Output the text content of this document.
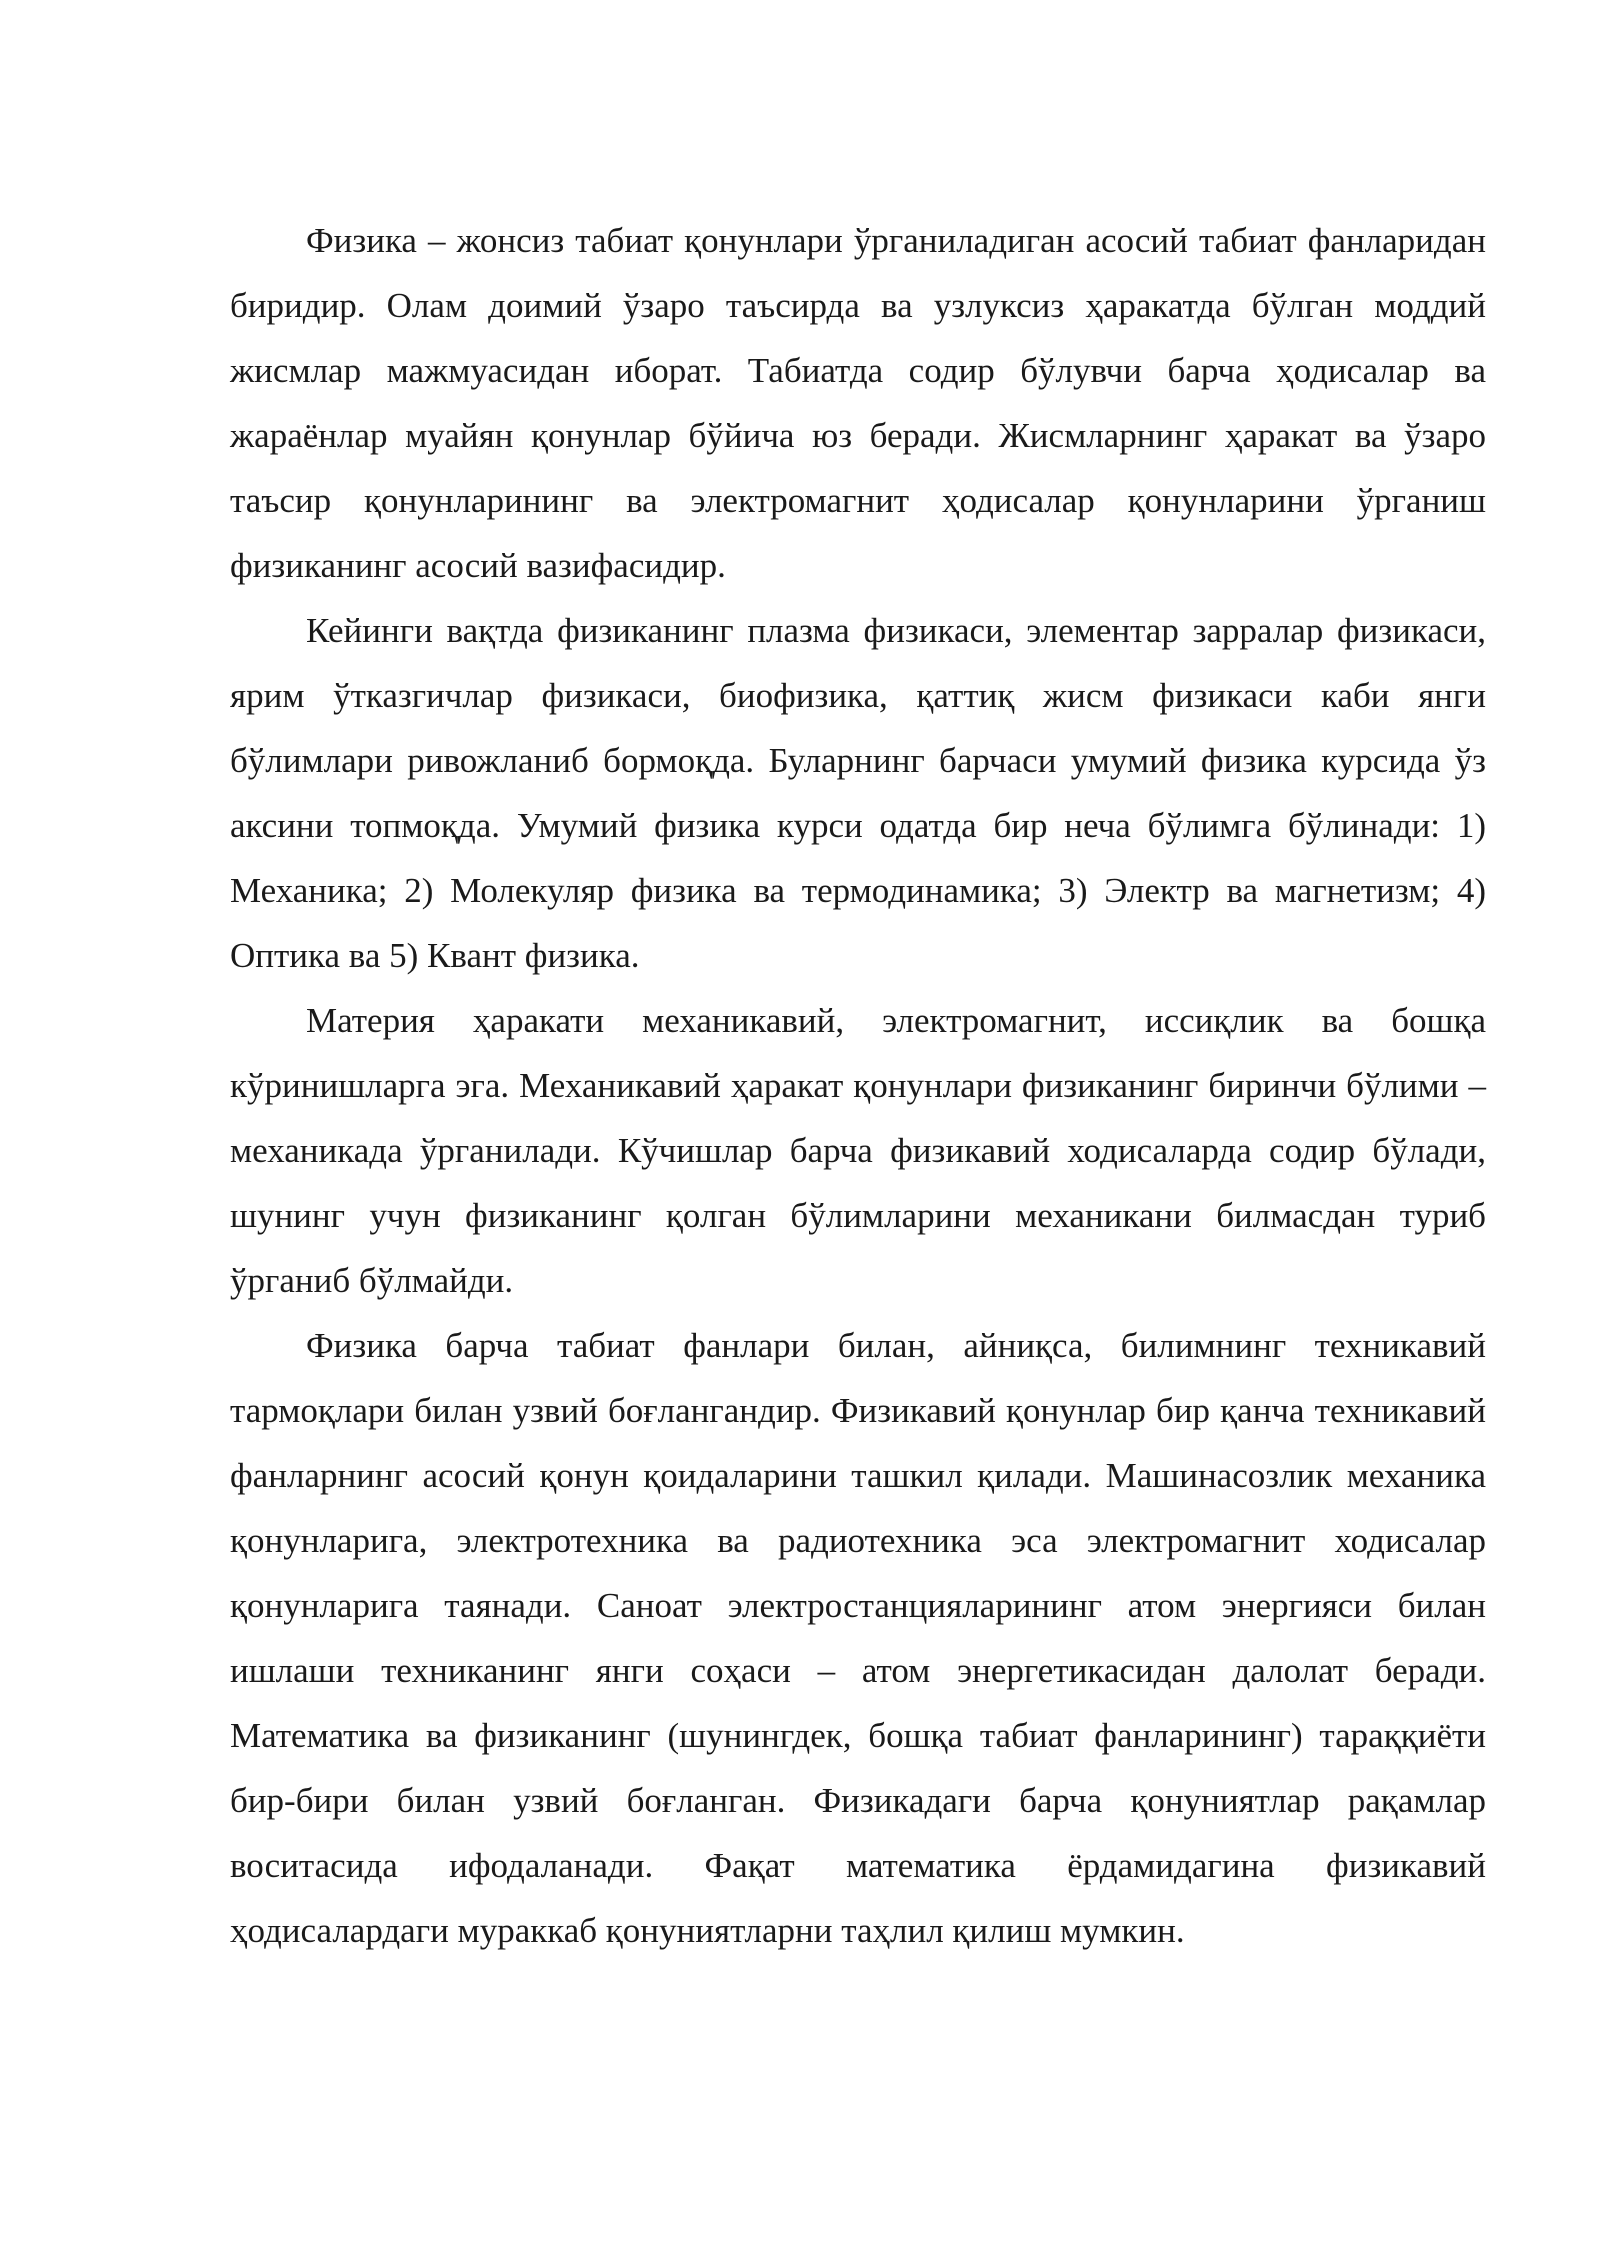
Физика – жонсиз табиат қонунлари ўрганиладиган асосий табиат фанларидан биридир. Олам доимий ўзаро таъсирда ва узлуксиз ҳаракатда бўлган моддий жисмлар мажмуасидан иборат. Табиатда содир бўлувчи барча ҳодисалар ва жараёнлар муайян қонунлар бўйича юз беради. Жисмларнинг ҳаракат ва ўзаро таъсир қонунларининг ва электромагнит ҳодисалар қонунларини ўрганиш физиканинг асосий вазифасидир.

Кейинги вақтда физиканинг плазма физикаси, элементар зарралар физикаси, ярим ўтказгичлар физикаси, биофизика, қаттиқ жисм физикаси каби янги бўлимлари ривожланиб бормоқда. Буларнинг барчаси умумий физика курсида ўз аксини топмоқда. Умумий физика курси одатда бир неча бўлимга бўлинади: 1) Механика; 2) Молекуляр физика ва термодинамика; 3) Электр ва магнетизм; 4) Оптика ва 5) Квант физика.

Материя ҳаракати механикавий, электромагнит, иссиқлик ва бошқа кўринишларга эга. Механикавий ҳаракат қонунлари физиканинг биринчи бўлими – механикада ўрганилади. Кўчишлар барча физикавий ходисаларда содир бўлади, шунинг учун физиканинг қолган бўлимларини механикани билмасдан туриб ўрганиб бўлмайди.

Физика барча табиат фанлари билан, айниқса, билимнинг техникавий тармоқлари билан узвий боғлангандир. Физикавий қонунлар бир қанча техникавий фанларнинг асосий қонун қоидаларини ташкил қилади. Машинасозлик механика қонунларига, электротехника ва радиотехника эса электромагнит ходисалар қонунларига таянади. Саноат электростанцияларининг атом энергияси билан ишлаши техниканинг янги соҳаси – атом энергетикасидан далолат беради. Математика ва физиканинг (шунингдек, бошқа табиат фанларининг) тараққиёти бир-бири билан узвий боғланган. Физикадаги барча қонуниятлар рақамлар воситасида ифодаланади. Фақат математика ёрдамидагина физикавий ҳодисалардаги мураккаб қонуниятларни таҳлил қилиш мумкин.
